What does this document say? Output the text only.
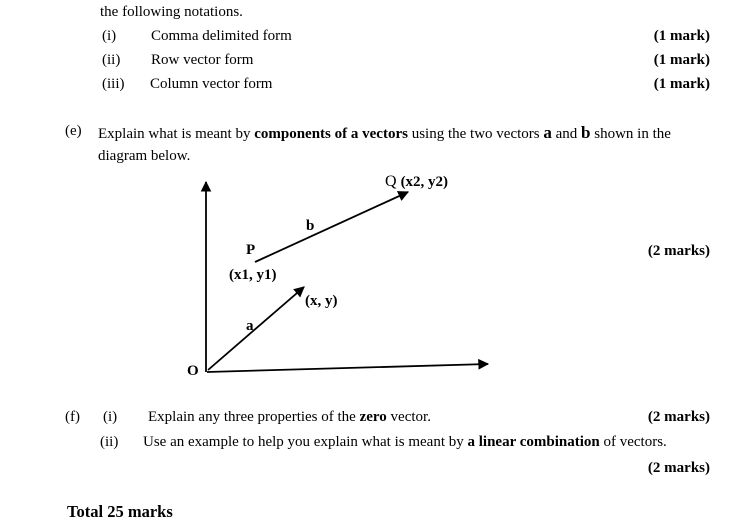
the following notations.
(i) Comma delimited form	(1 mark)
(ii) Row vector form	(1 mark)
(iii) Column vector form	(1 mark)
(e) Explain what is meant by components of a vectors using the two vectors a and b shown in the
diagram below.
(2 marks)
Q (x2, y2)
b
P
(x1, y1)
(x, y)
a
O
(f) (i) Explain any three properties of the zero vector.	(2 marks)
(ii) Use an example to help you explain what is meant by a linear combination of vectors.
(2 marks)
Total 25 marks
